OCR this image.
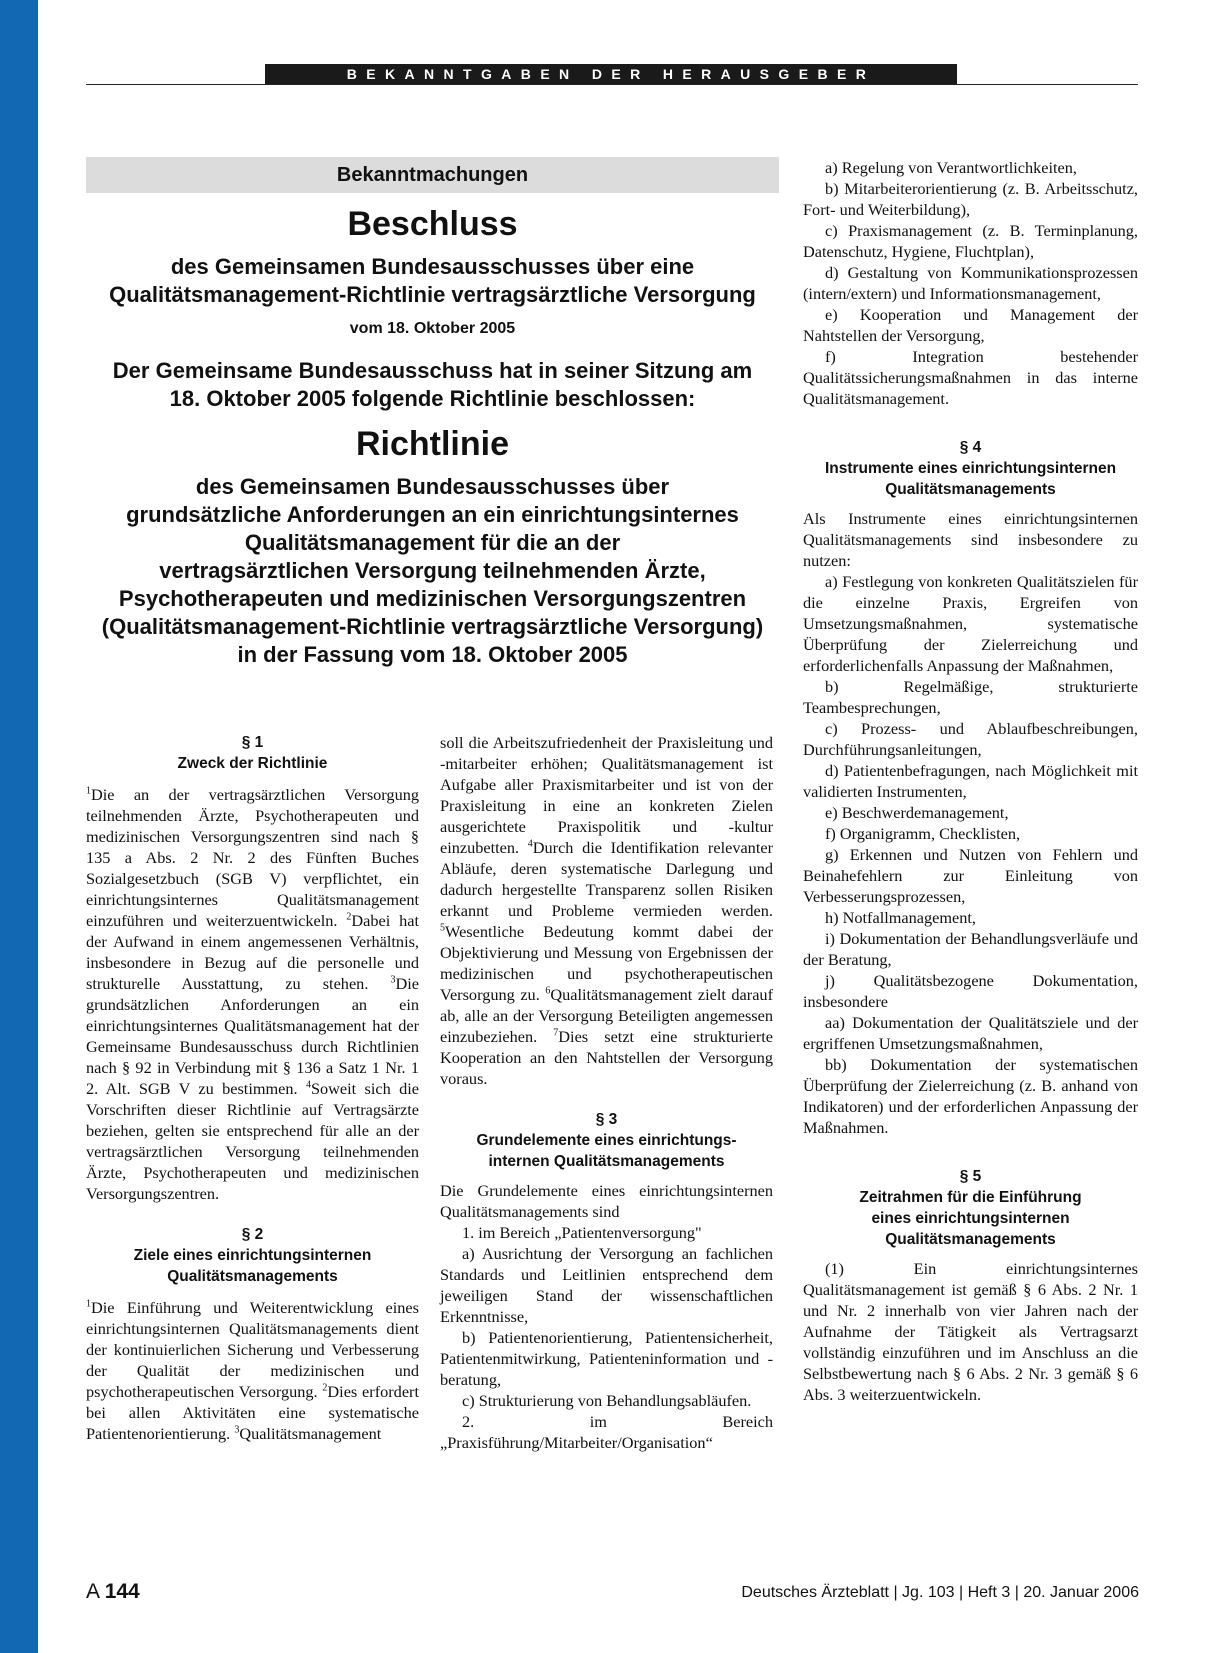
BEKANNTGABEN DER HERAUSGEBER
Bekanntmachungen
Beschluss
des Gemeinsamen Bundesausschusses über eine
Qualitätsmanagement-Richtlinie vertragsärztliche Versorgung
vom 18. Oktober 2005
Der Gemeinsame Bundesausschuss hat in seiner Sitzung am
18. Oktober 2005 folgende Richtlinie beschlossen:
Richtlinie
des Gemeinsamen Bundesausschusses über
grundsätzliche Anforderungen an ein einrichtungsinternes
Qualitätsmanagement für die an der
vertragsärztlichen Versorgung teilnehmenden Ärzte,
Psychotherapeuten und medizinischen Versorgungszentren
(Qualitätsmanagement-Richtlinie vertragsärztliche Versorgung)
in der Fassung vom 18. Oktober 2005

§ 1

Zweck der Richtlinie

$^1$Die an der vertragsärztlichen Versorgung teilnehmenden Ärzte, Psychotherapeuten und medizinischen Versorgungszentren sind nach § 135 a Abs. 2 Nr. 2 des Fünften Buches Sozialgesetzbuch (SGB V) verpflichtet, ein einrichtungsinternes Qualitätsmanagement einzuführen und weiterzuentwickeln. $^2$Dabei hat der Aufwand in einem angemessenen Verhältnis, insbesondere in Bezug auf die personelle und strukturelle Ausstattung, zu stehen. $^3$Die grundsätzlichen Anforderungen an ein einrichtungsinternes Qualitätsmanagement hat der Gemeinsame Bundesausschuss durch Richtlinien nach § 92 in Verbindung mit § 136 a Satz 1 Nr. 1 2. Alt. SGB V zu bestimmen. $^4$Soweit sich die Vorschriften dieser Richtlinie auf Vertragsärzte beziehen, gelten sie entsprechend für alle an der vertragsärztlichen Versorgung teilnehmenden Ärzte, Psychotherapeuten und medizinischen Versorgungszentren.

§ 2

Ziele eines einrichtungsinternen

Qualitätsmanagements

$^1$Die Einführung und Weiterentwicklung eines einrichtungsinternen Qualitätsmanagements dient der kontinuierlichen Sicherung und Verbesserung der Qualität der medizinischen und psychotherapeutischen Versorgung. $^2$Dies erfordert bei allen Aktivitäten eine systematische Patientenorientierung. $^3$Qualitätsmanagement

soll die Arbeitszufriedenheit der Praxisleitung und -mitarbeiter erhöhen; Qualitätsmanagement ist Aufgabe aller Praxismitarbeiter und ist von der Praxisleitung in eine an konkreten Zielen ausgerichtete Praxispolitik und -kultur einzubetten. $^4$Durch die Identifikation relevanter Abläufe, deren systematische Darlegung und dadurch hergestellte Transparenz sollen Risiken erkannt und Probleme vermieden werden. $^5$Wesentliche Bedeutung kommt dabei der Objektivierung und Messung von Ergebnissen der medizinischen und psychotherapeutischen Versorgung zu. $^6$Qualitätsmanagement zielt darauf ab, alle an der Versorgung Beteiligten angemessen einzubeziehen. $^7$Dies setzt eine strukturierte Kooperation an den Nahtstellen der Versorgung voraus.

§ 3

Grundelemente eines einrichtungs-

internen Qualitätsmanagements

Die Grundelemente eines einrichtungsinternen Qualitätsmanagements sind

1. im Bereich „Patientenversorgung"

a) Ausrichtung der Versorgung an fachlichen Standards und Leitlinien entsprechend dem jeweiligen Stand der wissenschaftlichen Erkenntnisse,

b) Patientenorientierung, Patientensicherheit, Patientenmitwirkung, Patienteninformation und -beratung,

c) Strukturierung von Behandlungsabläufen.

2. im Bereich „Praxisführung/Mitarbeiter/Organisation“

a) Regelung von Verantwortlichkeiten,

b) Mitarbeiterorientierung (z. B. Arbeitsschutz, Fort- und Weiterbildung),

c) Praxismanagement (z. B. Terminplanung, Datenschutz, Hygiene, Fluchtplan),

d) Gestaltung von Kommunikationsprozessen (intern/extern) und Informationsmanagement,

e) Kooperation und Management der Nahtstellen der Versorgung,

f) Integration bestehender Qualitätssicherungsmaßnahmen in das interne Qualitätsmanagement.

§ 4

Instrumente eines einrichtungsinternen

Qualitätsmanagements

Als Instrumente eines einrichtungsinternen Qualitätsmanagements sind insbesondere zu nutzen:

a) Festlegung von konkreten Qualitätszielen für die einzelne Praxis, Ergreifen von Umsetzungsmaßnahmen, systematische Überprüfung der Zielerreichung und erforderlichenfalls Anpassung der Maßnahmen,

b) Regelmäßige, strukturierte Teambesprechungen,

c) Prozess- und Ablaufbeschreibungen, Durchführungsanleitungen,

d) Patientenbefragungen, nach Möglichkeit mit validierten Instrumenten,

e) Beschwerdemanagement,

f) Organigramm, Checklisten,

g) Erkennen und Nutzen von Fehlern und Beinahefehlern zur Einleitung von Verbesserungsprozessen,

h) Notfallmanagement,

i) Dokumentation der Behandlungsverläufe und der Beratung,

j) Qualitätsbezogene Dokumentation, insbesondere

aa) Dokumentation der Qualitätsziele und der ergriffenen Umsetzungsmaßnahmen,

bb) Dokumentation der systematischen Überprüfung der Zielerreichung (z. B. anhand von Indikatoren) und der erforderlichen Anpassung der Maßnahmen.

§ 5

Zeitrahmen für die Einführung

eines einrichtungsinternen

Qualitätsmanagements

(1) Ein einrichtungsinternes Qualitätsmanagement ist gemäß § 6 Abs. 2 Nr. 1 und Nr. 2 innerhalb von vier Jahren nach der Aufnahme der Tätigkeit als Vertragsarzt vollständig einzuführen und im Anschluss an die Selbstbewertung nach § 6 Abs. 2 Nr. 3 gemäß § 6 Abs. 3 weiterzuentwickeln.

A 144	Deutsches Ärzteblatt | Jg. 103 | Heft 3 | 20. Januar 2006
